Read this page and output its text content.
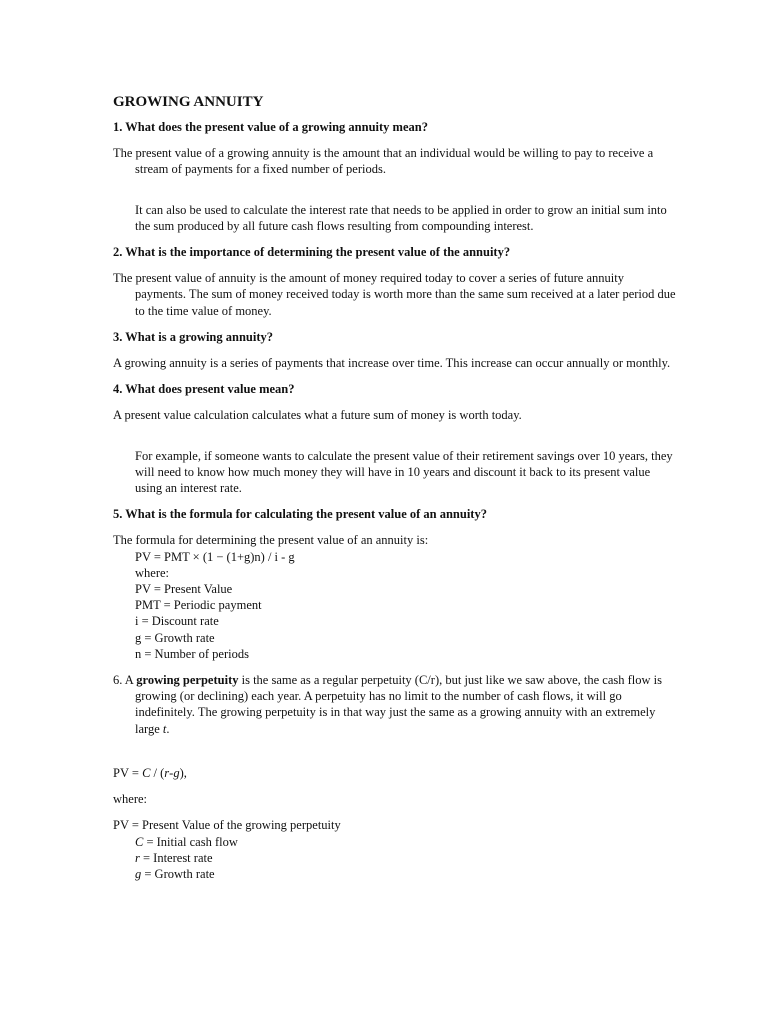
GROWING ANNUITY
1. What does the present value of a growing annuity mean?
The present value of a growing annuity is the amount that an individual would be willing to pay to receive a stream of payments for a fixed number of periods.
It can also be used to calculate the interest rate that needs to be applied in order to grow an initial sum into the sum produced by all future cash flows resulting from compounding interest.
2. What is the importance of determining the present value of the annuity?
The present value of annuity is the amount of money required today to cover a series of future annuity payments. The sum of money received today is worth more than the same sum received at a later period due to the time value of money.
3. What is a growing annuity?
A growing annuity is a series of payments that increase over time. This increase can occur annually or monthly.
4. What does present value mean?
A present value calculation calculates what a future sum of money is worth today.
For example, if someone wants to calculate the present value of their retirement savings over 10 years, they will need to know how much money they will have in 10 years and discount it back to its present value using an interest rate.
5. What is the formula for calculating the present value of an annuity?
The formula for determining the present value of an annuity is:
PV = PMT × (1 − (1+g)n) / i - g
where:
PV = Present Value
PMT = Periodic payment
i = Discount rate
g = Growth rate
n = Number of periods
6. A growing perpetuity is the same as a regular perpetuity (C/r), but just like we saw above, the cash flow is growing (or declining) each year. A perpetuity has no limit to the number of cash flows, it will go indefinitely. The growing perpetuity is in that way just the same as a growing annuity with an extremely large t.
PV = C / (r-g),
where:
PV = Present Value of the growing perpetuity
C = Initial cash flow
r = Interest rate
g = Growth rate
